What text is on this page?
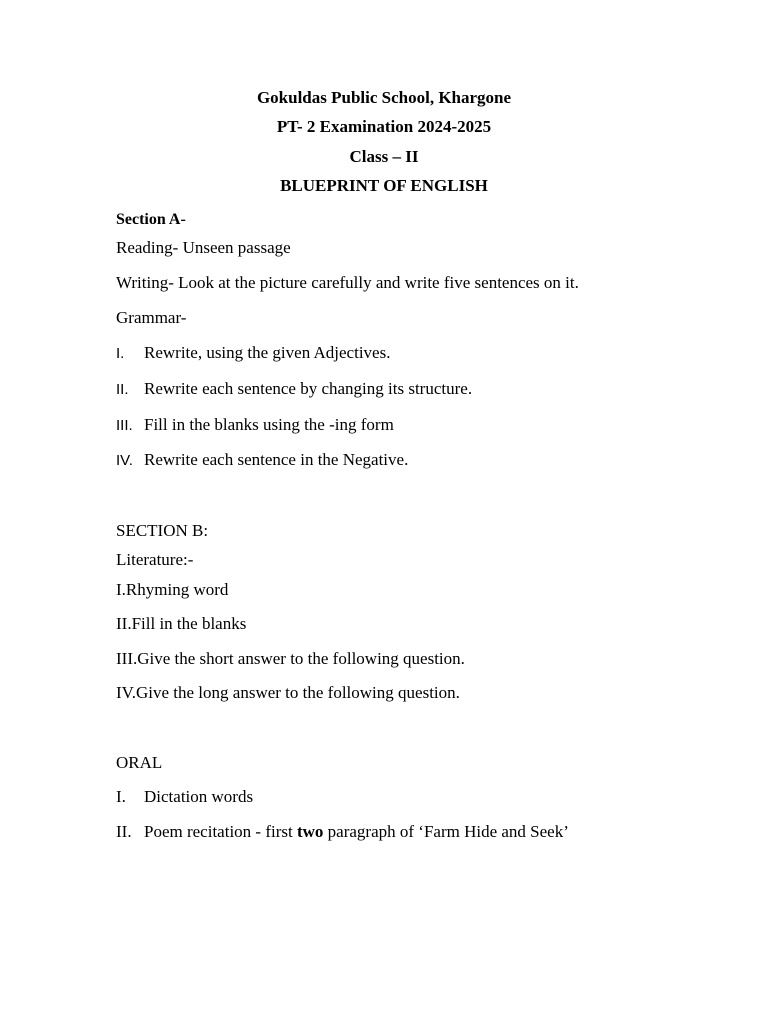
Gokuldas Public School, Khargone
PT- 2 Examination 2024-2025
Class – II
BLUEPRINT OF ENGLISH
Section A-
Reading- Unseen passage
Writing- Look at the picture carefully and write five sentences on it.
Grammar-
I. Rewrite, using the given Adjectives.
II. Rewrite each sentence by changing its structure.
III. Fill in the blanks using the -ing form
IV. Rewrite each sentence in the Negative.
SECTION B:
Literature:-
I.Rhyming word
II.Fill in the blanks
III.Give the short answer to the following question.
IV.Give the long answer to the following question.
ORAL
I. Dictation words
II. Poem recitation - first two paragraph of ‘Farm Hide and Seek’
